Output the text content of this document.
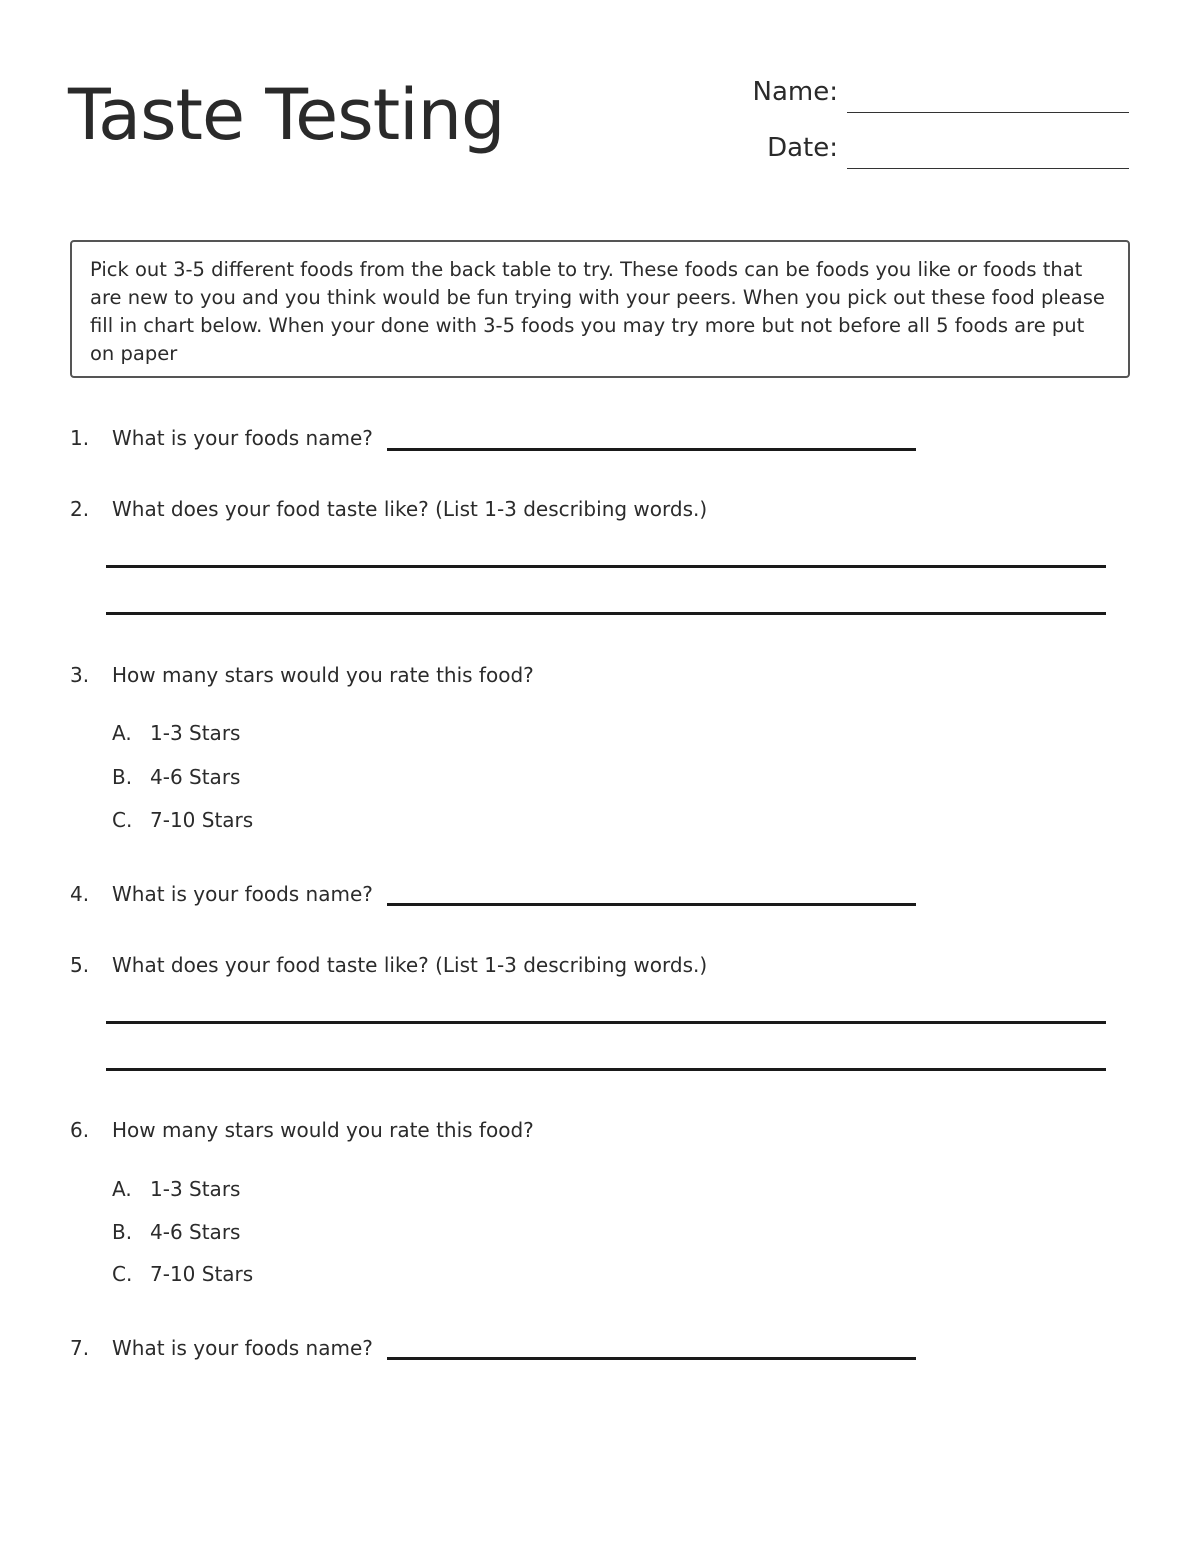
Taste Testing	Name:
Date:
Pick out 3-5 different foods from the back table to try. These foods can be foods you like or foods that are new to you and you think would be fun trying with your peers. When you pick out these food please fill in chart below. When your done with 3-5 foods you may try more but not before all 5 foods are put on paper
1. What is your foods name?
2. What does your food taste like? (List 1-3 describing words.)
3. How many stars would you rate this food?
A. 1-3 Stars
B. 4-6 Stars
C. 7-10 Stars
4. What is your foods name?
5. What does your food taste like? (List 1-3 describing words.)
6. How many stars would you rate this food?
A. 1-3 Stars
B. 4-6 Stars
C. 7-10 Stars
7. What is your foods name?
